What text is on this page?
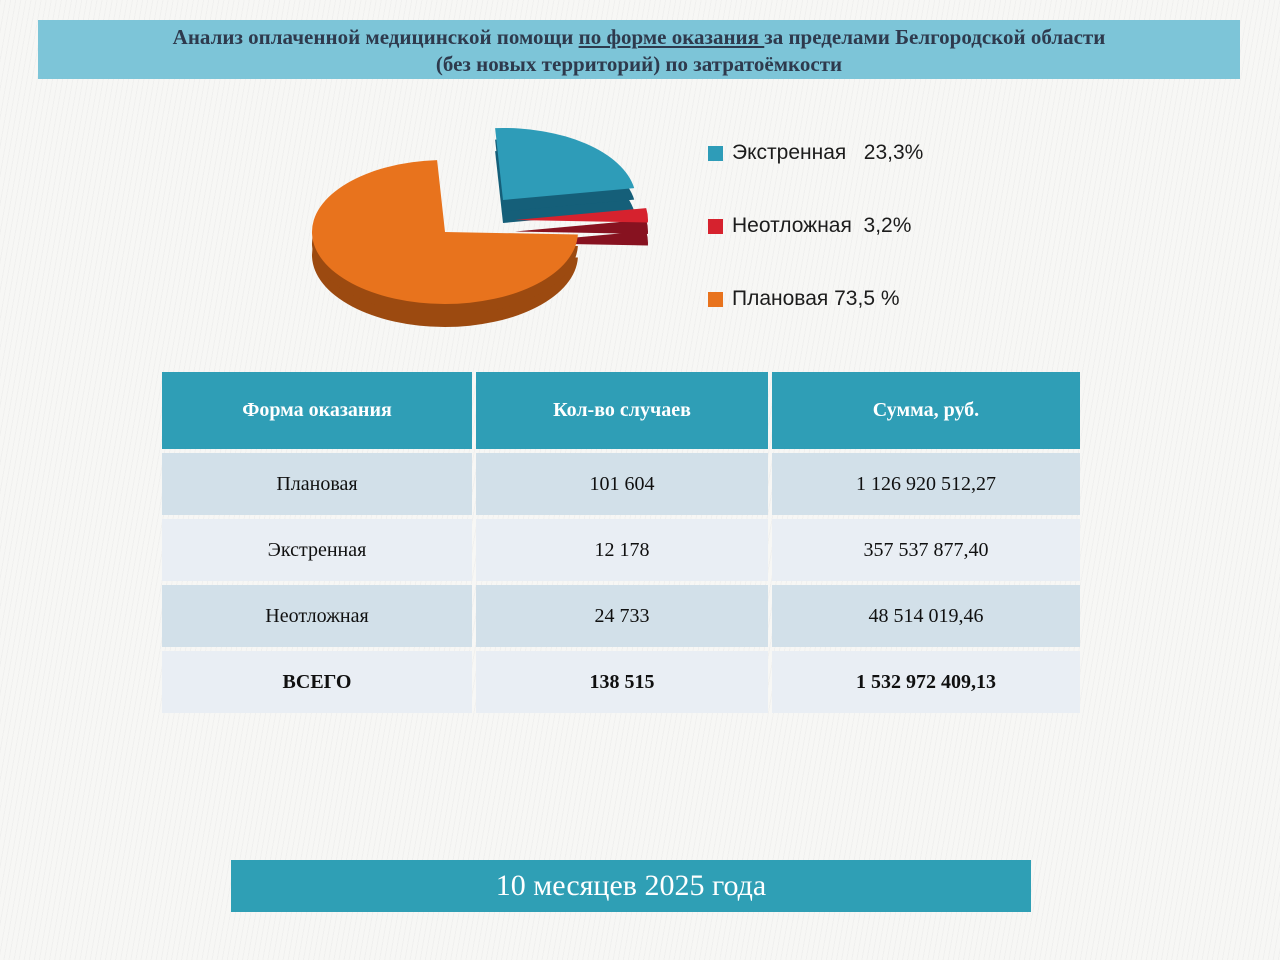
Анализ оплаченной медицинской помощи по форме оказания за пределами Белгородской области
(без новых территорий) по затратоёмкости
Экстренная
23,3%
Неотложная
3,2%
Плановая
73,5 %
Форма оказания	Кол-во случаев	Сумма, руб.
Плановая	101 604	1 126 920 512,27
Экстренная	12 178	357 537 877,40
Неотложная	24 733	48 514 019,46
ВСЕГО	138 515	1 532 972 409,13
10 месяцев 2025 года
